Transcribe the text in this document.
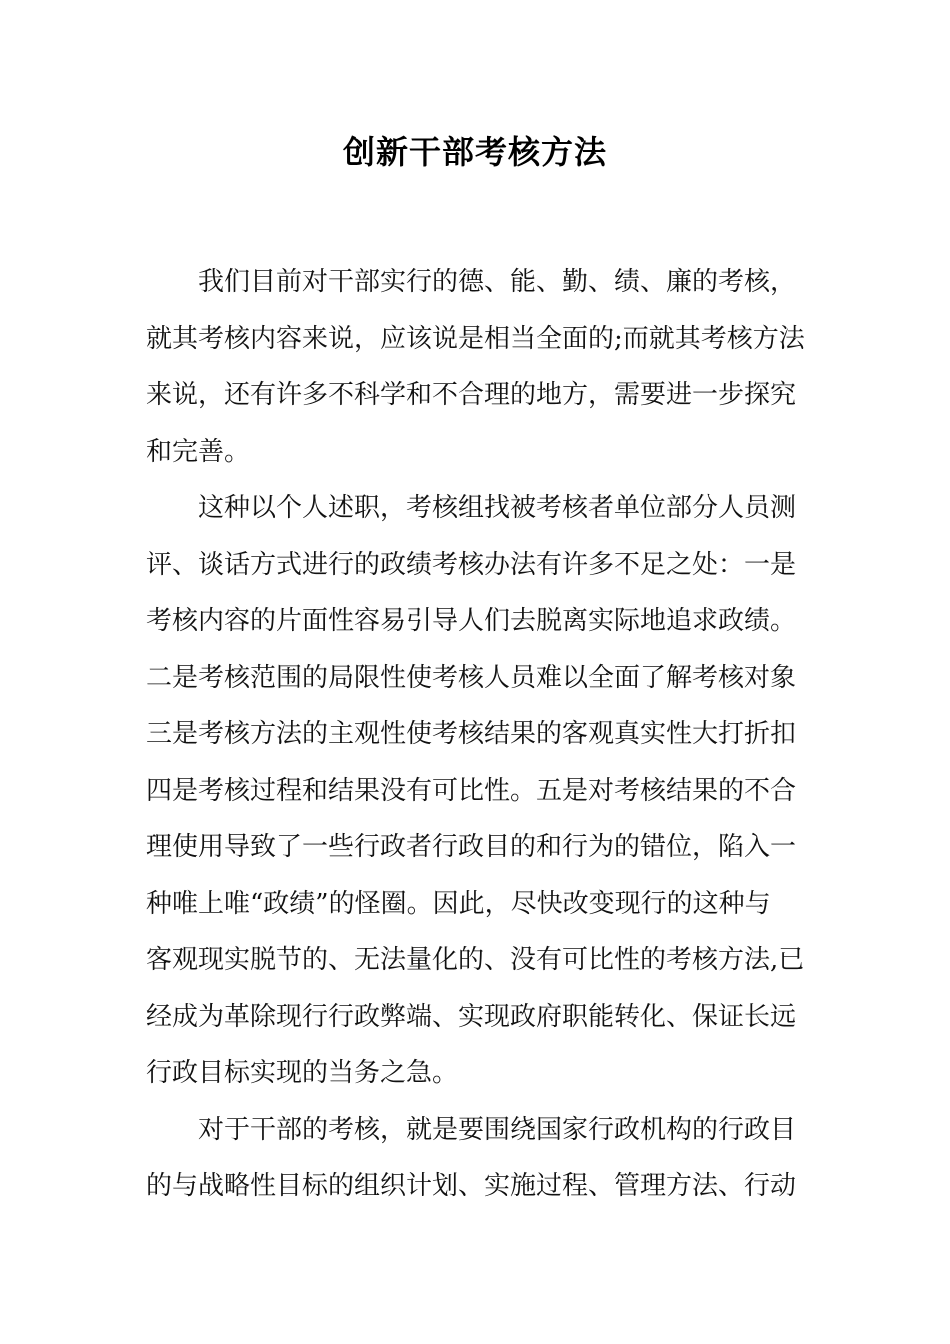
创新干部考核方法
我们目前对干部实行的德、能、勤、绩、廉的考核，
就其考核内容来说，应该说是相当全面的;而就其考核方法
来说，还有许多不科学和不合理的地方，需要进一步探究
和完善。
这种以个人述职，考核组找被考核者单位部分人员测
评、谈话方式进行的政绩考核办法有许多不足之处：一是
考核内容的片面性容易引导人们去脱离实际地追求政绩。
二是考核范围的局限性使考核人员难以全面了解考核对象
三是考核方法的主观性使考核结果的客观真实性大打折扣
四是考核过程和结果没有可比性。五是对考核结果的不合
理使用导致了一些行政者行政目的和行为的错位，陷入一
种唯上唯“政绩”的怪圈。因此，尽快改变现行的这种与
客观现实脱节的、无法量化的、没有可比性的考核方法,已
经成为革除现行行政弊端、实现政府职能转化、保证长远
行政目标实现的当务之急。
对于干部的考核，就是要围绕国家行政机构的行政目
的与战略性目标的组织计划、实施过程、管理方法、行动
